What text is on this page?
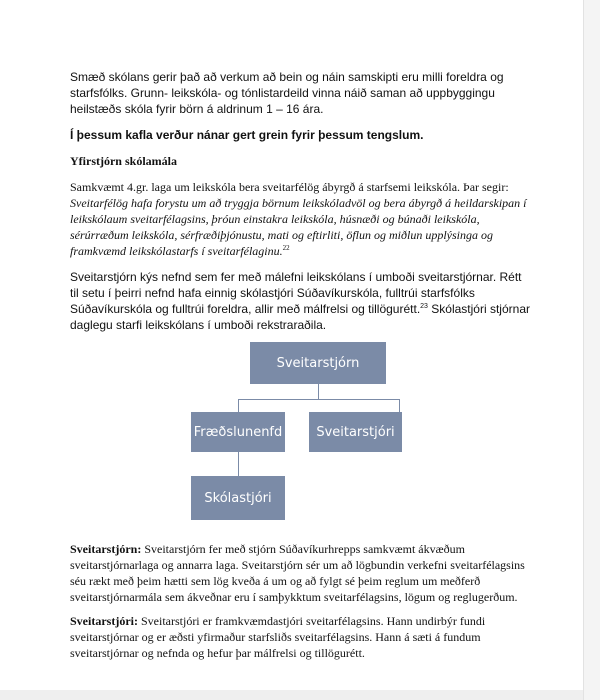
Smæð skólans gerir það að verkum að bein og náin samskipti eru milli foreldra og starfsfólks. Grunn- leikskóla- og tónlistardeild vinna náið saman að uppbyggingu heilstæðs skóla fyrir börn á aldrinum 1 – 16 ára.

Í þessum kafla verður nánar gert grein fyrir þessum tengslum.

Yfirstjórn skólamála

Samkvæmt 4.gr. laga um leikskóla bera sveitarfélög ábyrgð á starfsemi leikskóla. Þar segir: Sveitarfélög hafa forystu um að tryggja börnum leikskóladvöl og bera ábyrgð á heildarskipan í leikskólaum sveitarfélagsins, þróun einstakra leikskóla, húsnæði og búnaði leikskóla, sérúrræðum leikskóla, sérfræðiþjónustu, mati og eftirliti, öflun og miðlun upplýsinga og framkvæmd leikskólastarfs í sveitarfélaginu.$^{22}$

Sveitarstjórn kýs nefnd sem fer með málefni leikskólans í umboði sveitarstjórnar. Rétt til setu í þeirri nefnd hafa einnig skólastjóri Súðavíkurskóla, fulltrúi starfsfólks Súðavíkurskóla og fulltrúi foreldra, allir með málfrelsi og tillögurétt.$^{23}$ Skólastjóri stjórnar daglegu starfi leikskólans í umboði rekstraraðila.

Sveitarstjórn
Fræðslunenfd	Sveitarstjóri
Skólastjóri

Sveitarstjórn: Sveitarstjórn fer með stjórn Súðavíkurhrepps samkvæmt ákvæðum sveitarstjórnarlaga og annarra laga. Sveitarstjórn sér um að lögbundin verkefni sveitarfélagsins séu rækt með þeim hætti sem lög kveða á um og að fylgt sé þeim reglum um meðferð sveitarstjórnarmála sem ákveðnar eru í samþykktum sveitarfélagsins, lögum og reglugerðum.

Sveitarstjóri: Sveitarstjóri er framkvæmdastjóri sveitarfélagsins. Hann undirbýr fundi sveitarstjórnar og er æðsti yfirmaður starfsliðs sveitarfélagsins. Hann á sæti á fundum sveitarstjórnar og nefnda og hefur þar málfrelsi og tillögurétt.
